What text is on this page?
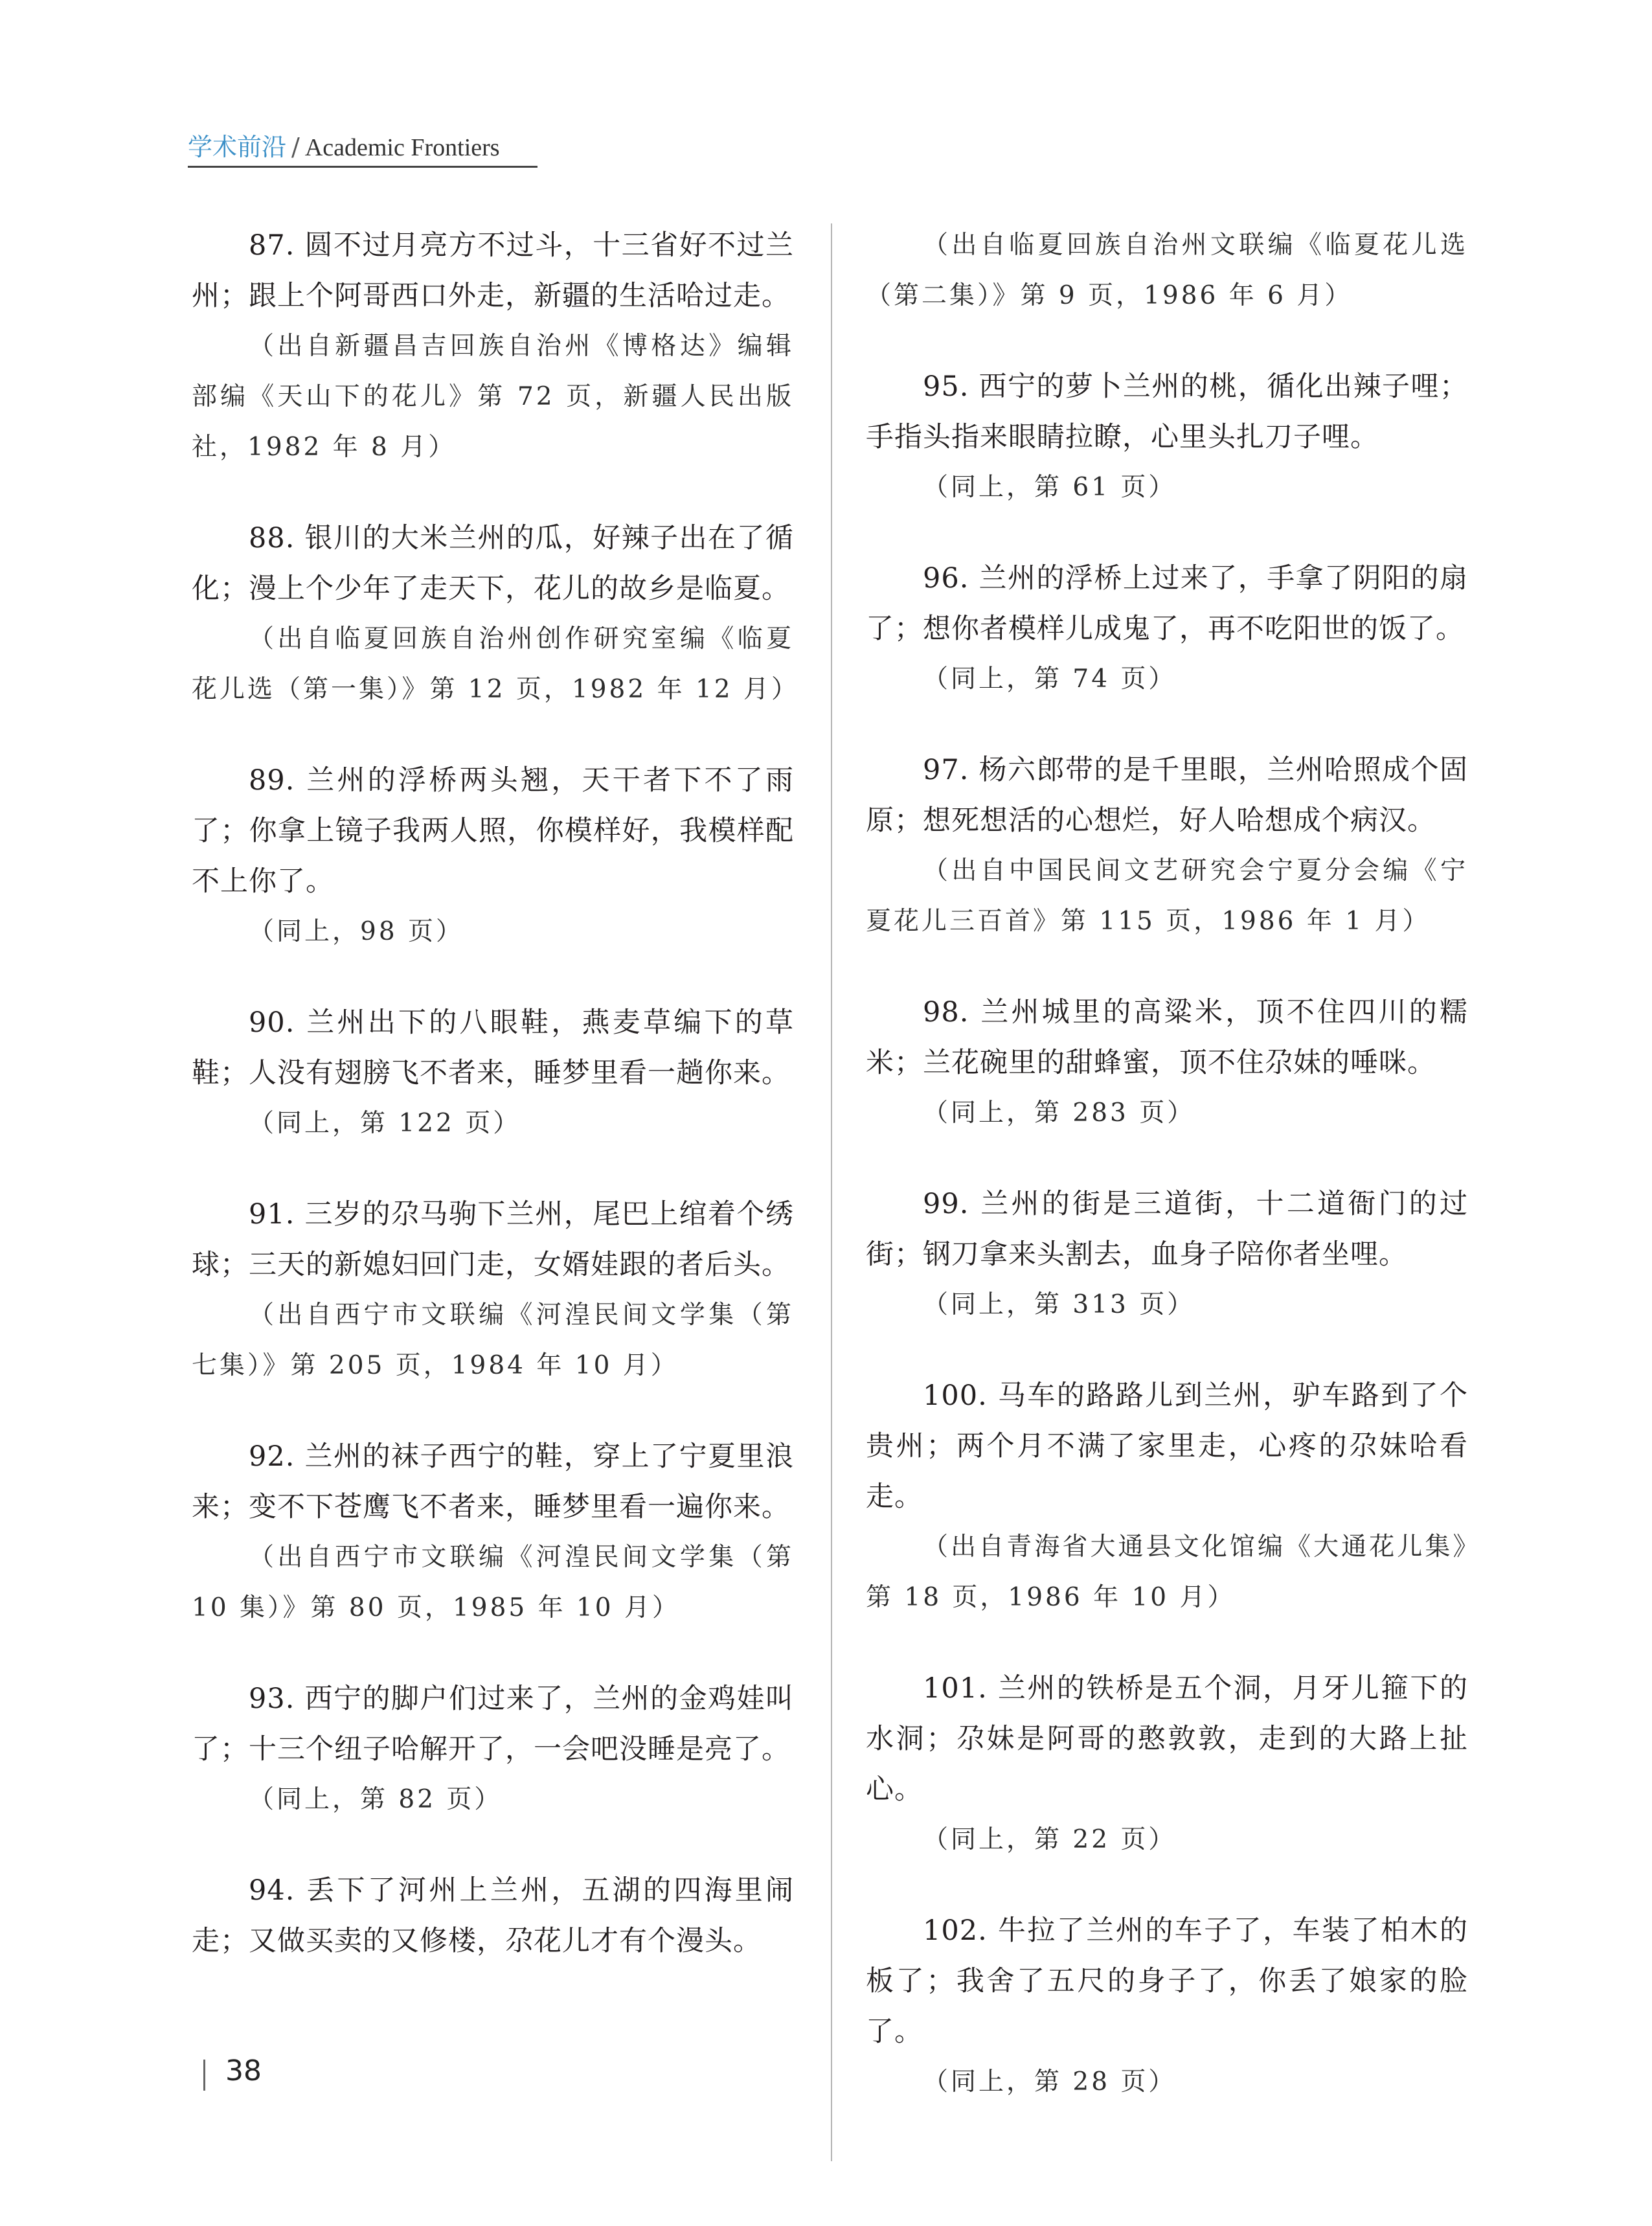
学术前沿 / Academic Frontiers

87. 圆不过月亮方不过斗，十三省好不过兰州；跟上个阿哥西口外走，新疆的生活哈过走。

（出自新疆昌吉回族自治州《博格达》编辑部编《天山下的花儿》第 72 页，新疆人民出版社，1982 年 8 月）

88. 银川的大米兰州的瓜，好辣子出在了循化；漫上个少年了走天下，花儿的故乡是临夏。

（出自临夏回族自治州创作研究室编《临夏花儿选（第一集）》第 12 页，1982 年 12 月）

89. 兰州的浮桥两头翘，天干者下不了雨了；你拿上镜子我两人照，你模样好，我模样配不上你了。

（同上，98 页）

90. 兰州出下的八眼鞋，燕麦草编下的草鞋；人没有翅膀飞不者来，睡梦里看一趟你来。

（同上，第 122 页）

91. 三岁的尕马驹下兰州，尾巴上绾着个绣球；三天的新媳妇回门走，女婿娃跟的者后头。

（出自西宁市文联编《河湟民间文学集（第七集）》第 205 页，1984 年 10 月）

92. 兰州的袜子西宁的鞋，穿上了宁夏里浪来；变不下苍鹰飞不者来，睡梦里看一遍你来。

（出自西宁市文联编《河湟民间文学集（第 10 集）》第 80 页，1985 年 10 月）

93. 西宁的脚户们过来了，兰州的金鸡娃叫了；十三个纽子哈解开了，一会吧没睡是亮了。

（同上，第 82 页）

94. 丢下了河州上兰州，五湖的四海里闹走；又做买卖的又修楼，尕花儿才有个漫头。

（出自临夏回族自治州文联编《临夏花儿选（第二集）》第 9 页，1986 年 6 月）

95. 西宁的萝卜兰州的桃，循化出辣子哩；手指头指来眼睛拉瞭，心里头扎刀子哩。

（同上，第 61 页）

96. 兰州的浮桥上过来了，手拿了阴阳的扇了；想你者模样儿成鬼了，再不吃阳世的饭了。

（同上，第 74 页）

97. 杨六郎带的是千里眼，兰州哈照成个固原；想死想活的心想烂，好人哈想成个病汉。

（出自中国民间文艺研究会宁夏分会编《宁夏花儿三百首》第 115 页，1986 年 1 月）

98. 兰州城里的高粱米，顶不住四川的糯米；兰花碗里的甜蜂蜜，顶不住尕妹的唾咪。

（同上，第 283 页）

99. 兰州的街是三道街，十二道衙门的过街；钢刀拿来头割去，血身子陪你者坐哩。

（同上，第 313 页）

100. 马车的路路儿到兰州，驴车路到了个贵州；两个月不满了家里走，心疼的尕妹哈看走。

（出自青海省大通县文化馆编《大通花儿集》第 18 页，1986 年 10 月）

101. 兰州的铁桥是五个洞，月牙儿箍下的水洞；尕妹是阿哥的憨敦敦，走到的大路上扯心。

（同上，第 22 页）

102. 牛拉了兰州的车子了，车装了柏木的板了；我舍了五尺的身子了，你丢了娘家的脸了。

（同上，第 28 页）

38
